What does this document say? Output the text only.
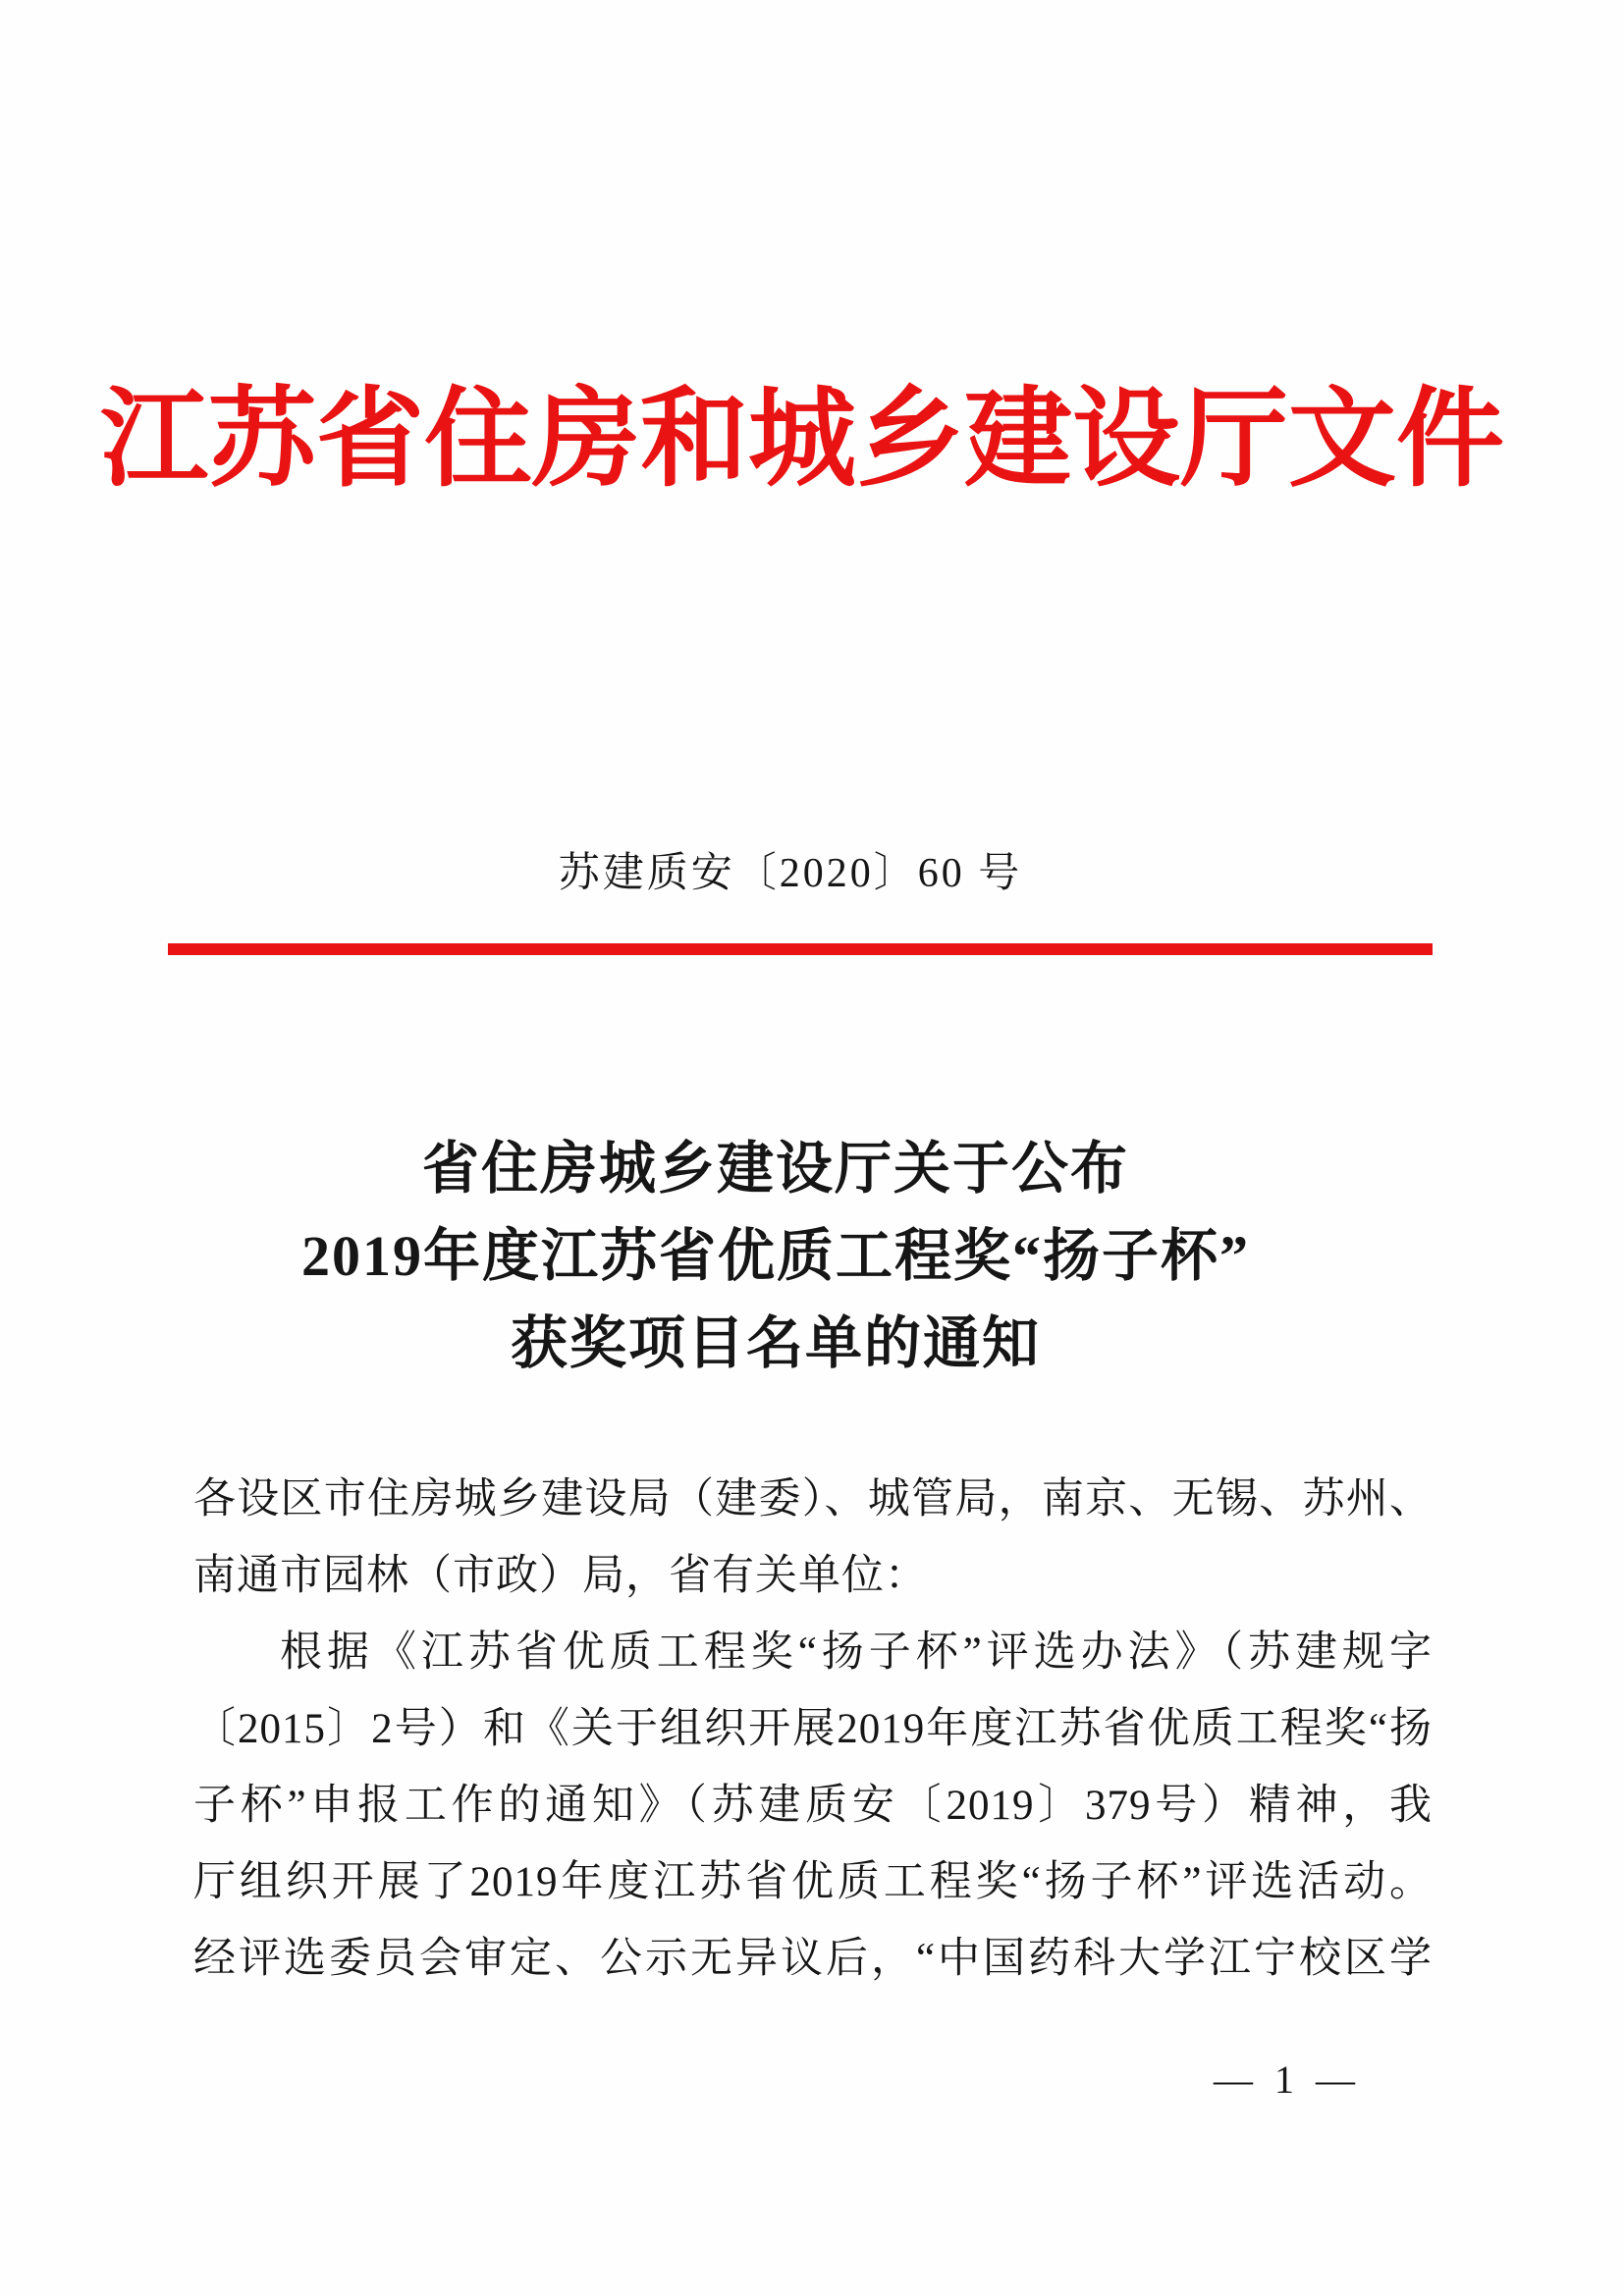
江苏省住房和城乡建设厅文件
苏建质安〔2020〕60 号
省住房城乡建设厅关于公布
2019年度江苏省优质工程奖“扬子杯”
获奖项目名单的通知
各设区市住房城乡建设局（建委）、城管局，南京、无锡、苏州、
南通市园林（市政）局，省有关单位：
根据《江苏省优质工程奖“扬子杯”评选办法》（苏建规字
〔2015〕2号）和《关于组织开展2019年度江苏省优质工程奖“扬
子杯”申报工作的通知》（苏建质安〔2019〕379号）精神，我
厅组织开展了2019年度江苏省优质工程奖“扬子杯”评选活动。
经评选委员会审定、公示无异议后，“中国药科大学江宁校区学
— 1 —
